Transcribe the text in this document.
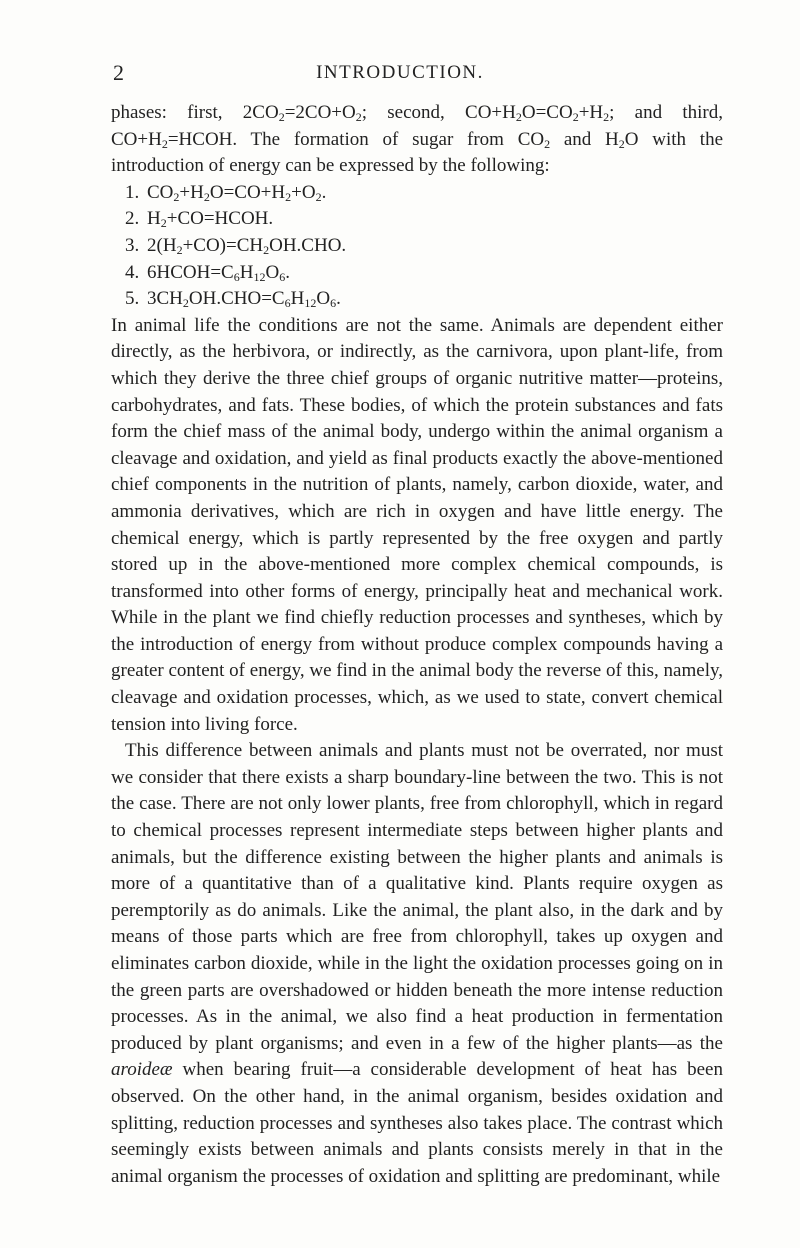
2	INTRODUCTION.

phases: first, $2CO_2=2CO+O_2$; second, $CO+H_2O=CO_2+H_2$; and third, $CO+H_2=HCOH$. The formation of sugar from $CO_2$ and $H_2O$ with the introduction of energy can be expressed by the following:

1. $CO_2+H_2O=CO+H_2+O_2$.
2. $H_2+CO=HCOH$.
3. $2(H_2+CO)=CH_2OH.CHO$.
4. $6HCOH=C_6H_{12}O_6$.
5. $3CH_2OH.CHO=C_6H_{12}O_6$.

In animal life the conditions are not the same. Animals are dependent either directly, as the herbivora, or indirectly, as the carnivora, upon plant-life, from which they derive the three chief groups of organic nutritive matter—proteins, carbohydrates, and fats. These bodies, of which the protein substances and fats form the chief mass of the animal body, undergo within the animal organism a cleavage and oxidation, and yield as final products exactly the above-mentioned chief components in the nutrition of plants, namely, carbon dioxide, water, and ammonia derivatives, which are rich in oxygen and have little energy. The chemical energy, which is partly represented by the free oxygen and partly stored up in the above-mentioned more complex chemical compounds, is transformed into other forms of energy, principally heat and mechanical work. While in the plant we find chiefly reduction processes and syntheses, which by the introduction of energy from without produce complex compounds having a greater content of energy, we find in the animal body the reverse of this, namely, cleavage and oxidation processes, which, as we used to state, convert chemical tension into living force.

This difference between animals and plants must not be overrated, nor must we consider that there exists a sharp boundary-line between the two. This is not the case. There are not only lower plants, free from chlorophyll, which in regard to chemical processes represent intermediate steps between higher plants and animals, but the difference existing between the higher plants and animals is more of a quantitative than of a qualitative kind. Plants require oxygen as peremptorily as do animals. Like the animal, the plant also, in the dark and by means of those parts which are free from chlorophyll, takes up oxygen and eliminates carbon dioxide, while in the light the oxidation processes going on in the green parts are overshadowed or hidden beneath the more intense reduction processes. As in the animal, we also find a heat production in fermentation produced by plant organisms; and even in a few of the higher plants—as the aroideæ when bearing fruit—a considerable development of heat has been observed. On the other hand, in the animal organism, besides oxidation and splitting, reduction processes and syntheses also takes place. The contrast which seemingly exists between animals and plants consists merely in that in the animal organism the processes of oxidation and splitting are predominant, while
